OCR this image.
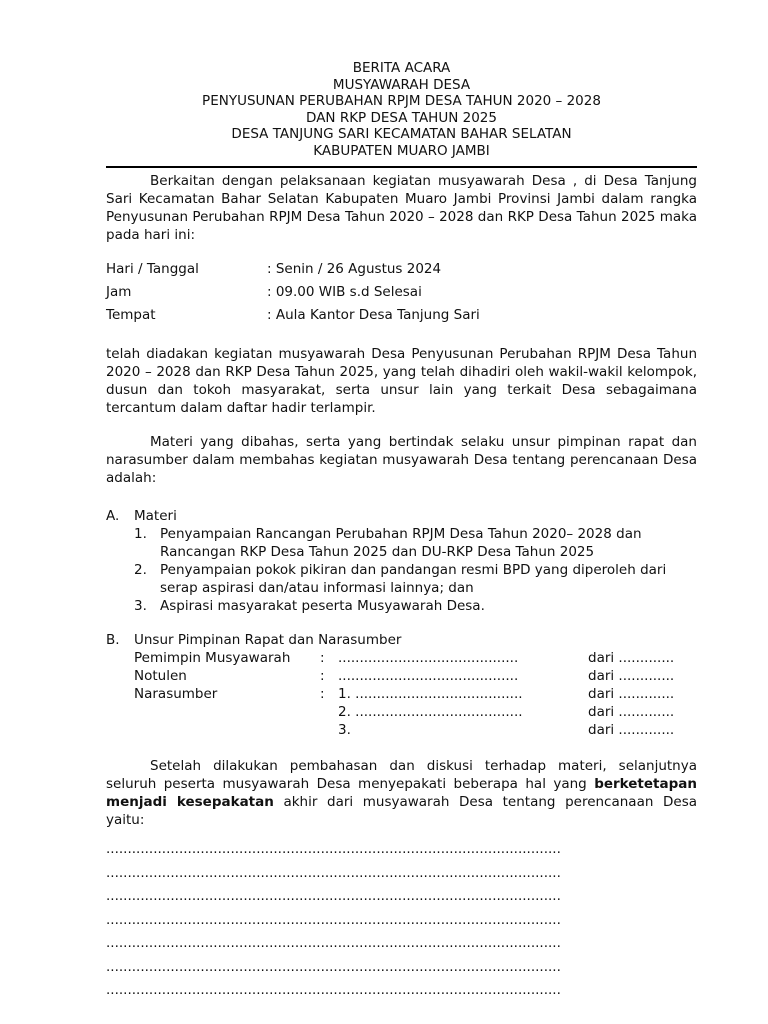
BERITA ACARA
MUSYAWARAH DESA
PENYUSUNAN PERUBAHAN RPJM DESA TAHUN 2020 – 2028
DAN RKP DESA TAHUN 2025
DESA TANJUNG SARI KECAMATAN BAHAR SELATAN
KABUPATEN MUARO JAMBI

Berkaitan dengan pelaksanaan kegiatan musyawarah Desa , di Desa Tanjung Sari Kecamatan Bahar Selatan Kabupaten Muaro Jambi Provinsi Jambi dalam rangka Penyusunan Perubahan RPJM Desa Tahun 2020 – 2028 dan RKP Desa Tahun 2025 maka pada hari ini:

Hari / Tanggal	: Senin / 26 Agustus 2024
Jam	: 09.00 WIB s.d Selesai
Tempat	: Aula Kantor Desa Tanjung Sari

telah diadakan kegiatan musyawarah Desa Penyusunan Perubahan RPJM Desa Tahun 2020 – 2028 dan RKP Desa Tahun 2025, yang telah dihadiri oleh wakil-wakil kelompok, dusun dan tokoh masyarakat, serta unsur lain yang terkait Desa sebagaimana tercantum dalam daftar hadir terlampir.

Materi yang dibahas, serta yang bertindak selaku unsur pimpinan rapat dan narasumber dalam membahas kegiatan musyawarah Desa tentang perencanaan Desa adalah:

A.	Materi
1. Penyampaian Rancangan Perubahan RPJM Desa Tahun 2020– 2028 dan Rancangan RKP Desa Tahun 2025 dan DU-RKP Desa Tahun 2025
2. Penyampaian pokok pikiran dan pandangan resmi BPD yang diperoleh dari serap aspirasi dan/atau informasi lainnya; dan
3. Aspirasi masyarakat peserta Musyawarah Desa.
B.	Unsur Pimpinan Rapat dan Narasumber
Pemimpin Musyawarah	: ..........................................	dari .............
Notulen	: ..........................................	dari .............
Narasumber	: 1. .......................................	dari .............
2. .......................................	dari .............
3.	dari .............

Setelah dilakukan pembahasan dan diskusi terhadap materi, selanjutnya seluruh peserta musyawarah Desa menyepakati beberapa hal yang berketetapan menjadi kesepakatan akhir dari musyawarah Desa tentang perencanaan Desa yaitu:

..........................................................................................................
..........................................................................................................
..........................................................................................................
..........................................................................................................
..........................................................................................................
..........................................................................................................
..........................................................................................................
